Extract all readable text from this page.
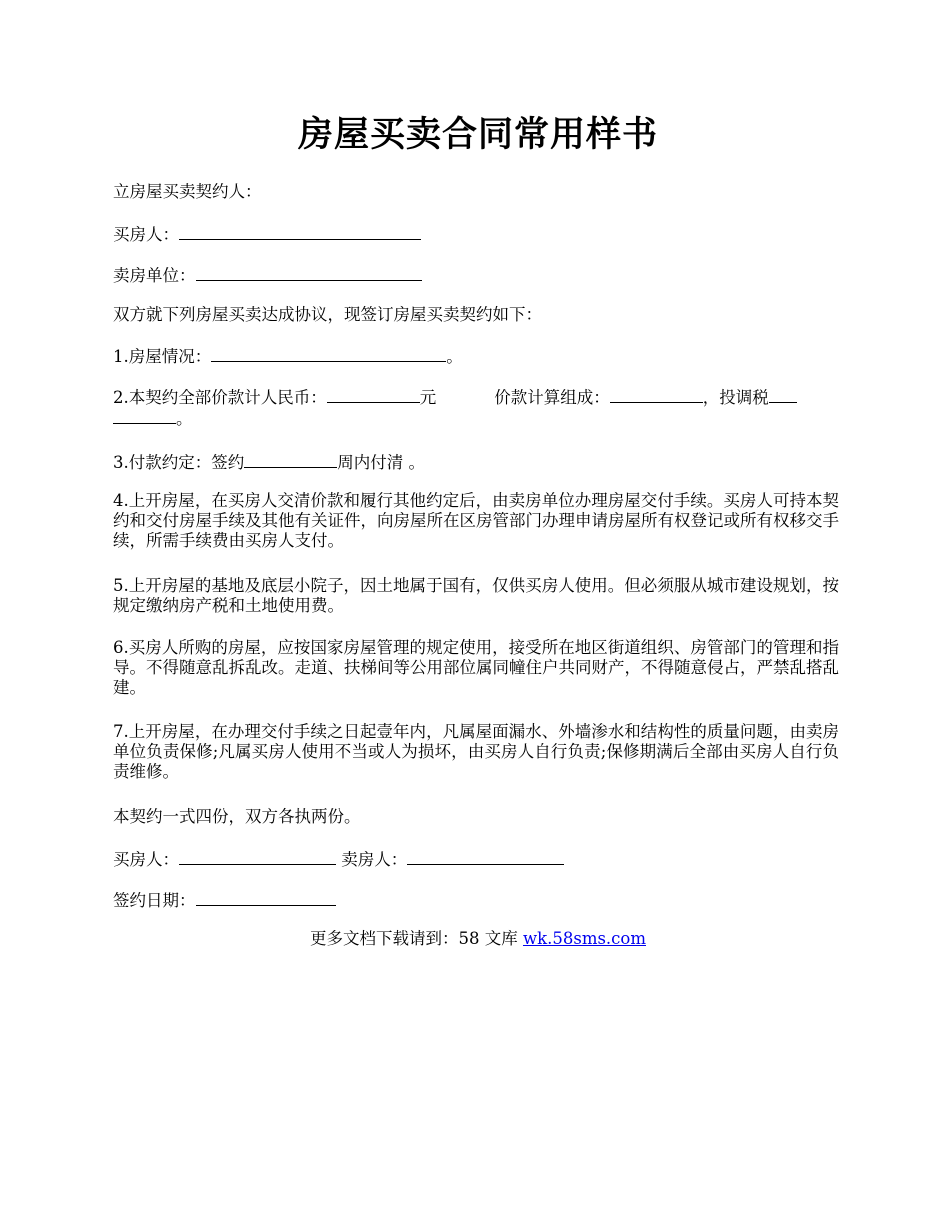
房屋买卖合同常用样书

立房屋买卖契约人：

买房人：

卖房单位：

双方就下列房屋买卖达成协议，现签订房屋买卖契约如下：

1.房屋情况：	。

2.本契约全部价款计人民币：	元	价款计算组成：	，投调税

。

3.付款约定：签约	周内付清 。

4.上开房屋，在买房人交清价款和履行其他约定后，由卖房单位办理房屋交付手续。买房人可持本契约和交付房屋手续及其他有关证件，向房屋所在区房管部门办理申请房屋所有权登记或所有权移交手续，所需手续费由买房人支付。

5.上开房屋的基地及底层小院子，因土地属于国有，仅供买房人使用。但必须服从城市建设规划，按规定缴纳房产税和土地使用费。

6.买房人所购的房屋，应按国家房屋管理的规定使用，接受所在地区街道组织、房管部门的管理和指导。不得随意乱拆乱改。走道、扶梯间等公用部位属同幢住户共同财产，不得随意侵占，严禁乱搭乱建。

7.上开房屋，在办理交付手续之日起壹年内，凡属屋面漏水、外墙渗水和结构性的质量问题，由卖房单位负责保修;凡属买房人使用不当或人为损坏，由买房人自行负责;保修期满后全部由买房人自行负责维修。

本契约一式四份，双方各执两份。

买房人：	卖房人：

签约日期：

更多文档下载请到：58 文库 wk.58sms.com
